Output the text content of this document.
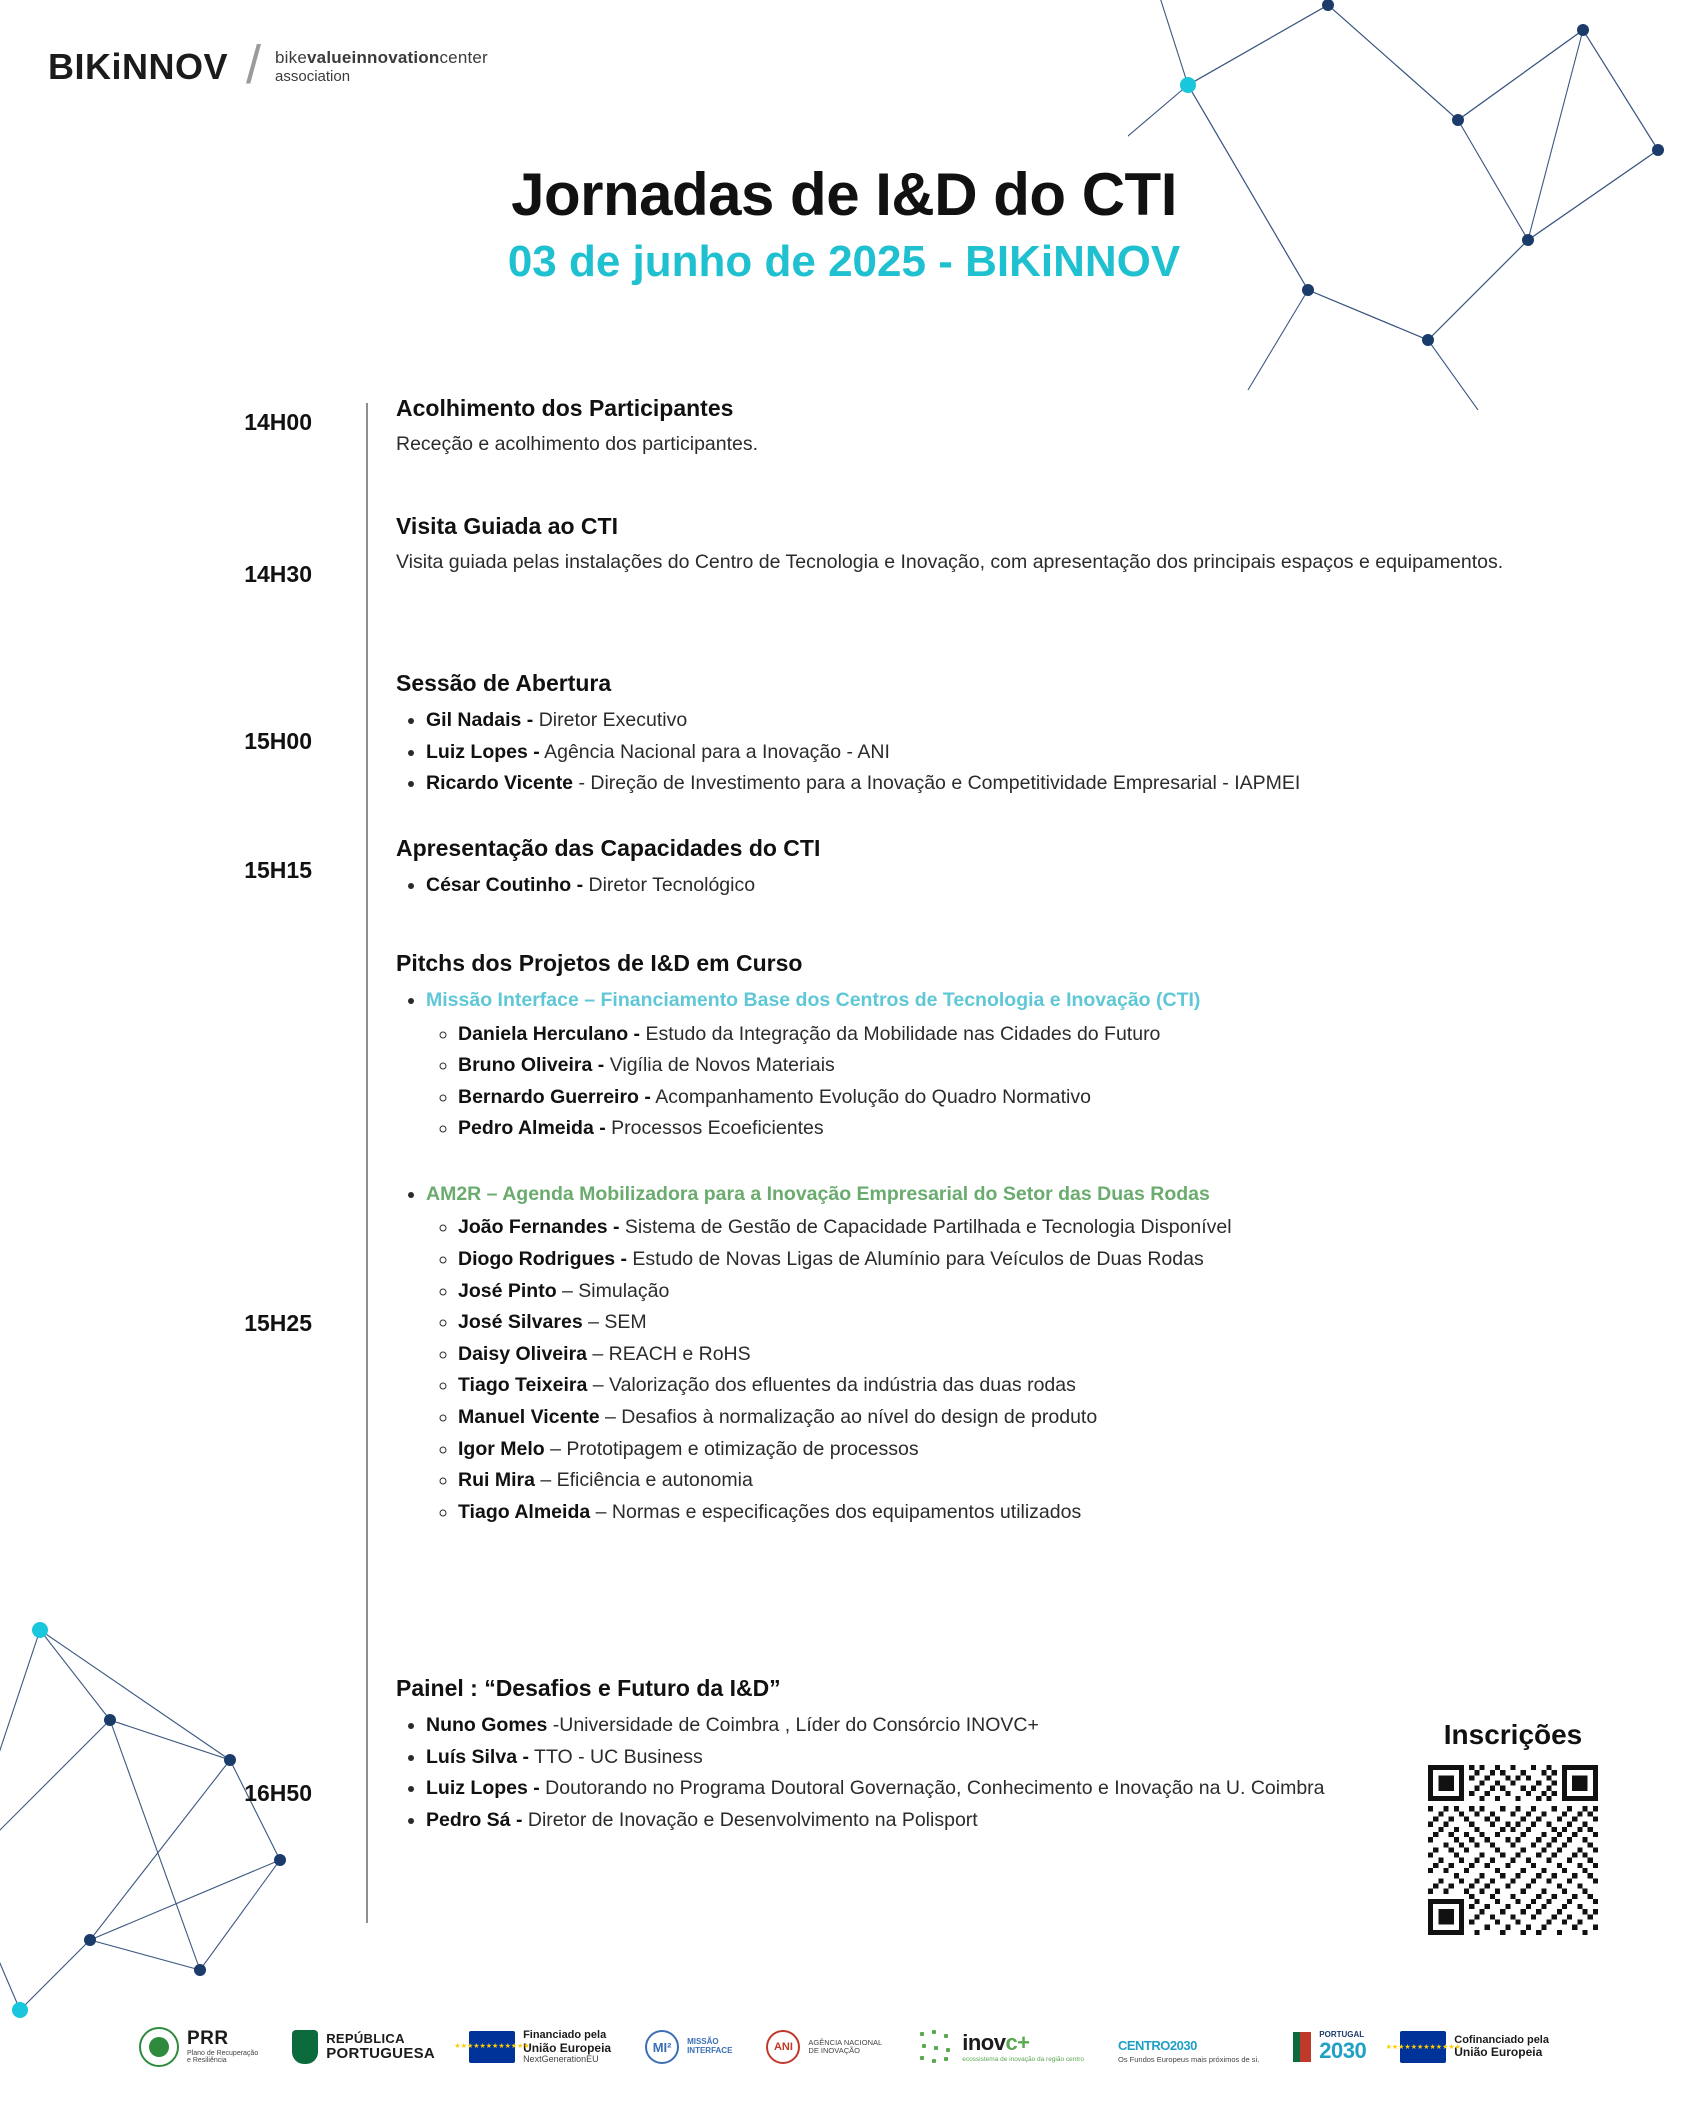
BIKiNNOV / bikevalueinnovationcenter
association
Jornadas de I&D do CTI
03 de junho de 2025 - BIKiNNOV
14H00
Acolhimento dos Participantes

Receção e acolhimento dos participantes.

14H30
Visita Guiada ao CTI

Visita guiada pelas instalações do Centro de Tecnologia e Inovação, com apresentação dos principais espaços e equipamentos.

15H00
Sessão de Abertura
• Gil Nadais - Diretor Executivo
• Luiz Lopes - Agência Nacional para a Inovação - ANI
• Ricardo Vicente - Direção de Investimento para a Inovação e Competitividade Empresarial - IAPMEI
15H15
Apresentação das Capacidades do CTI
• César Coutinho - Diretor Tecnológico
15H25
Pitchs dos Projetos de I&D em Curso
• Missão Interface – Financiamento Base dos Centros de Tecnologia e Inovação (CTI)
◦ Daniela Herculano - Estudo da Integração da Mobilidade nas Cidades do Futuro
◦ Bruno Oliveira - Vigília de Novos Materiais
◦ Bernardo Guerreiro - Acompanhamento Evolução do Quadro Normativo
◦ Pedro Almeida - Processos Ecoeficientes
• AM2R – Agenda Mobilizadora para a Inovação Empresarial do Setor das Duas Rodas
◦ João Fernandes - Sistema de Gestão de Capacidade Partilhada e Tecnologia Disponível
◦ Diogo Rodrigues - Estudo de Novas Ligas de Alumínio para Veículos de Duas Rodas
◦ José Pinto – Simulação
◦ José Silvares – SEM
◦ Daisy Oliveira – REACH e RoHS
◦ Tiago Teixeira – Valorização dos efluentes da indústria das duas rodas
◦ Manuel Vicente – Desafios à normalização ao nível do design de produto
◦ Igor Melo – Prototipagem e otimização de processos
◦ Rui Mira – Eficiência e autonomia
◦ Tiago Almeida – Normas e especificações dos equipamentos utilizados
16H50
Painel : “Desafios e Futuro da I&D”
• Nuno Gomes -Universidade de Coimbra , Líder do Consórcio INOVC+
• Luís Silva - TTO - UC Business
• Luiz Lopes - Doutorando no Programa Doutoral Governação, Conhecimento e Inovação na U. Coimbra
• Pedro Sá - Diretor de Inovação e Desenvolvimento na Polisport
Inscrições
PRR
Plano de Recuperação
e Resiliência
REPÚBLICA
PORTUGUESA	★★★★★★★★★★★★
Financiado pela
União Europeia
NextGenerationEU
MI²	MISSÃO
INTERFACE	ANI	AGÊNCIA NACIONAL
DE INOVAÇÃO	inovc+
ecossistema de inovação da região centro
CENTRO2030
Os Fundos Europeus mais próximos de si.
PORTUGAL
2030	★★★★★★★★★★★★
Cofinanciado pela
União Europeia
